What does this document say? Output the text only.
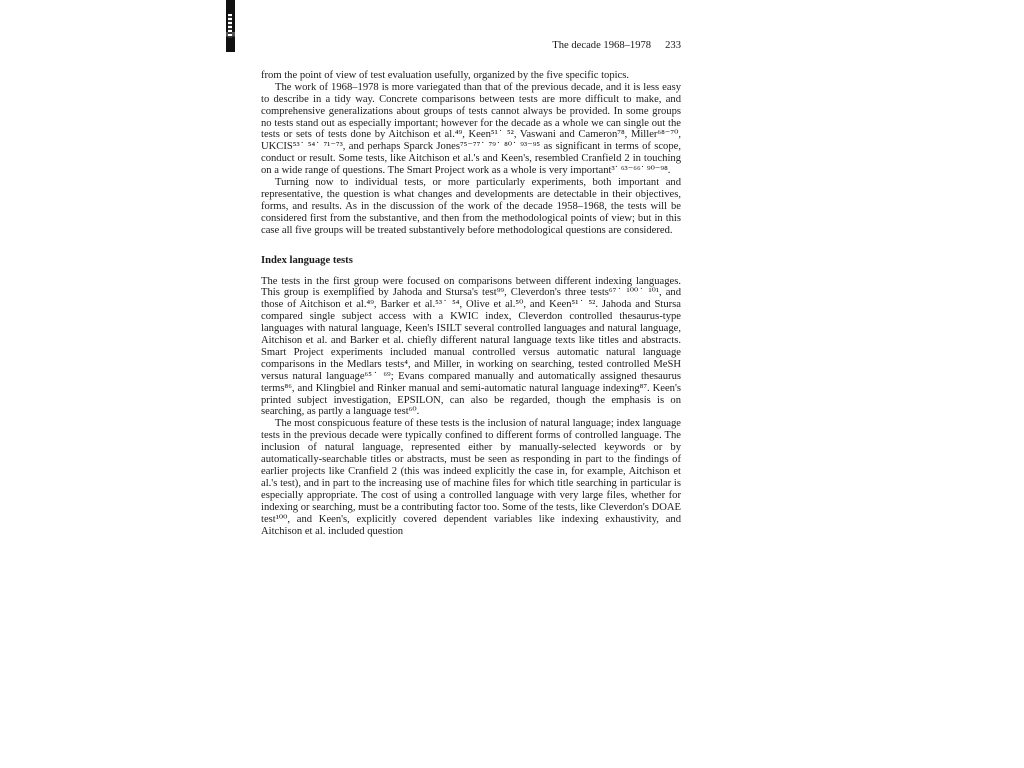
The decade 1968–1978 233

from the point of view of test evaluation usefully, organized by the five specific topics.

The work of 1968–1978 is more variegated than that of the previous decade, and it is less easy to describe in a tidy way. Concrete comparisons between tests are more difficult to make, and comprehensive generalizations about groups of tests cannot always be provided. In some groups no tests stand out as especially important; however for the decade as a whole we can single out the tests or sets of tests done by Aitchison et al.⁴⁹, Keen⁵¹˙ ⁵², Vaswani and Cameron⁷⁸, Miller⁶⁸⁻⁷⁰, UKCIS⁵³˙ ⁵⁴˙ ⁷¹⁻⁷³, and perhaps Sparck Jones⁷⁵⁻⁷⁷˙ ⁷⁹˙ ⁸⁰˙ ⁹³⁻⁹⁵ as significant in terms of scope, conduct or result. Some tests, like Aitchison et al.'s and Keen's, resembled Cranfield 2 in touching on a wide range of questions. The Smart Project work as a whole is very important³˙ ⁶³⁻⁶⁶˙ ⁹⁰⁻⁹⁸.

Turning now to individual tests, or more particularly experiments, both important and representative, the question is what changes and developments are detectable in their objectives, forms, and results. As in the discussion of the work of the decade 1958–1968, the tests will be considered first from the substantive, and then from the methodological points of view; but in this case all five groups will be treated substantively before methodological questions are considered.

Index language tests

The tests in the first group were focused on comparisons between different indexing languages. This group is exemplified by Jahoda and Stursa's test⁹⁹, Cleverdon's three tests⁶⁷˙ ¹⁰⁰˙ ¹⁰¹, and those of Aitchison et al.⁴⁹, Barker et al.⁵³˙ ⁵⁴, Olive et al.⁵⁰, and Keen⁵¹˙ ⁵². Jahoda and Stursa compared single subject access with a KWIC index, Cleverdon controlled thesaurus-type languages with natural language, Keen's ISILT several controlled languages and natural language, Aitchison et al. and Barker et al. chiefly different natural language texts like titles and abstracts. Smart Project experiments included manual controlled versus automatic natural language comparisons in the Medlars tests⁴, and Miller, in working on searching, tested controlled MeSH versus natural language⁶⁵˙ ⁶⁹; Evans compared manually and automatically assigned thesaurus terms⁸⁶, and Klingbiel and Rinker manual and semi-automatic natural language indexing⁸⁷. Keen's printed subject investigation, EPSILON, can also be regarded, though the emphasis is on searching, as partly a language test⁶⁰.

The most conspicuous feature of these tests is the inclusion of natural language; index language tests in the previous decade were typically confined to different forms of controlled language. The inclusion of natural language, represented either by manually-selected keywords or by automatically-searchable titles or abstracts, must be seen as responding in part to the findings of earlier projects like Cranfield 2 (this was indeed explicitly the case in, for example, Aitchison et al.'s test), and in part to the increasing use of machine files for which title searching in particular is especially appropriate. The cost of using a controlled language with very large files, whether for indexing or searching, must be a contributing factor too. Some of the tests, like Cleverdon's DOAE test¹⁰⁰, and Keen's, explicitly covered dependent variables like indexing exhaustivity, and Aitchison et al. included question
